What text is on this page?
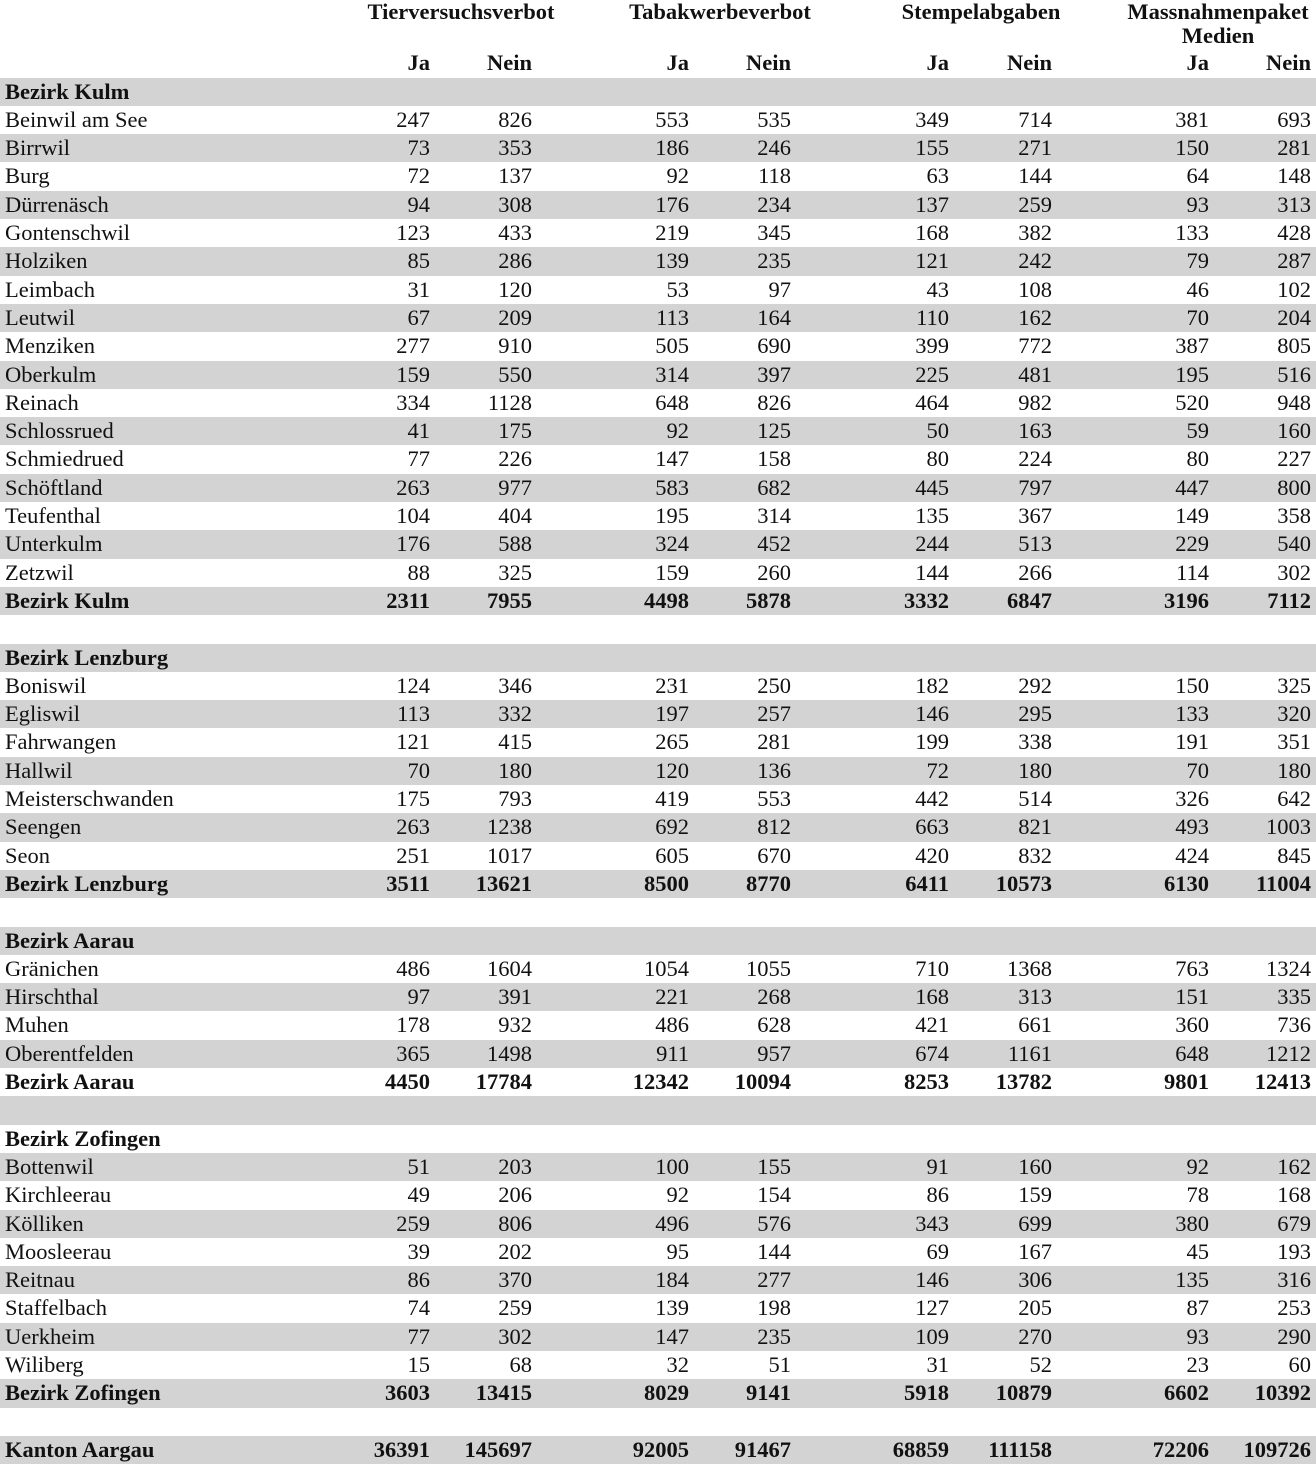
Tierversuchsverbot	Tabakwerbeverbot	Stempelabgaben	Massnahmenpaket Medien
Ja	Nein	Ja	Nein	Ja	Nein	Ja	Nein
Bezirk Kulm
Beinwil am See	247	826	553	535	349	714	381	693
Birrwil	73	353	186	246	155	271	150	281
Burg	72	137	92	118	63	144	64	148
Dürrenäsch	94	308	176	234	137	259	93	313
Gontenschwil	123	433	219	345	168	382	133	428
Holziken	85	286	139	235	121	242	79	287
Leimbach	31	120	53	97	43	108	46	102
Leutwil	67	209	113	164	110	162	70	204
Menziken	277	910	505	690	399	772	387	805
Oberkulm	159	550	314	397	225	481	195	516
Reinach	334	1128	648	826	464	982	520	948
Schlossrued	41	175	92	125	50	163	59	160
Schmiedrued	77	226	147	158	80	224	80	227
Schöftland	263	977	583	682	445	797	447	800
Teufenthal	104	404	195	314	135	367	149	358
Unterkulm	176	588	324	452	244	513	229	540
Zetzwil	88	325	159	260	144	266	114	302
Bezirk Kulm	2311	7955	4498	5878	3332	6847	3196	7112
Bezirk Lenzburg
Boniswil	124	346	231	250	182	292	150	325
Egliswil	113	332	197	257	146	295	133	320
Fahrwangen	121	415	265	281	199	338	191	351
Hallwil	70	180	120	136	72	180	70	180
Meisterschwanden	175	793	419	553	442	514	326	642
Seengen	263	1238	692	812	663	821	493	1003
Seon	251	1017	605	670	420	832	424	845
Bezirk Lenzburg	3511	13621	8500	8770	6411	10573	6130	11004
Bezirk Aarau
Gränichen	486	1604	1054	1055	710	1368	763	1324
Hirschthal	97	391	221	268	168	313	151	335
Muhen	178	932	486	628	421	661	360	736
Oberentfelden	365	1498	911	957	674	1161	648	1212
Bezirk Aarau	4450	17784	12342	10094	8253	13782	9801	12413
Bezirk Zofingen
Bottenwil	51	203	100	155	91	160	92	162
Kirchleerau	49	206	92	154	86	159	78	168
Kölliken	259	806	496	576	343	699	380	679
Moosleerau	39	202	95	144	69	167	45	193
Reitnau	86	370	184	277	146	306	135	316
Staffelbach	74	259	139	198	127	205	87	253
Uerkheim	77	302	147	235	109	270	93	290
Wiliberg	15	68	32	51	31	52	23	60
Bezirk Zofingen	3603	13415	8029	9141	5918	10879	6602	10392
Kanton Aargau	36391	145697	92005	91467	68859	111158	72206	109726
